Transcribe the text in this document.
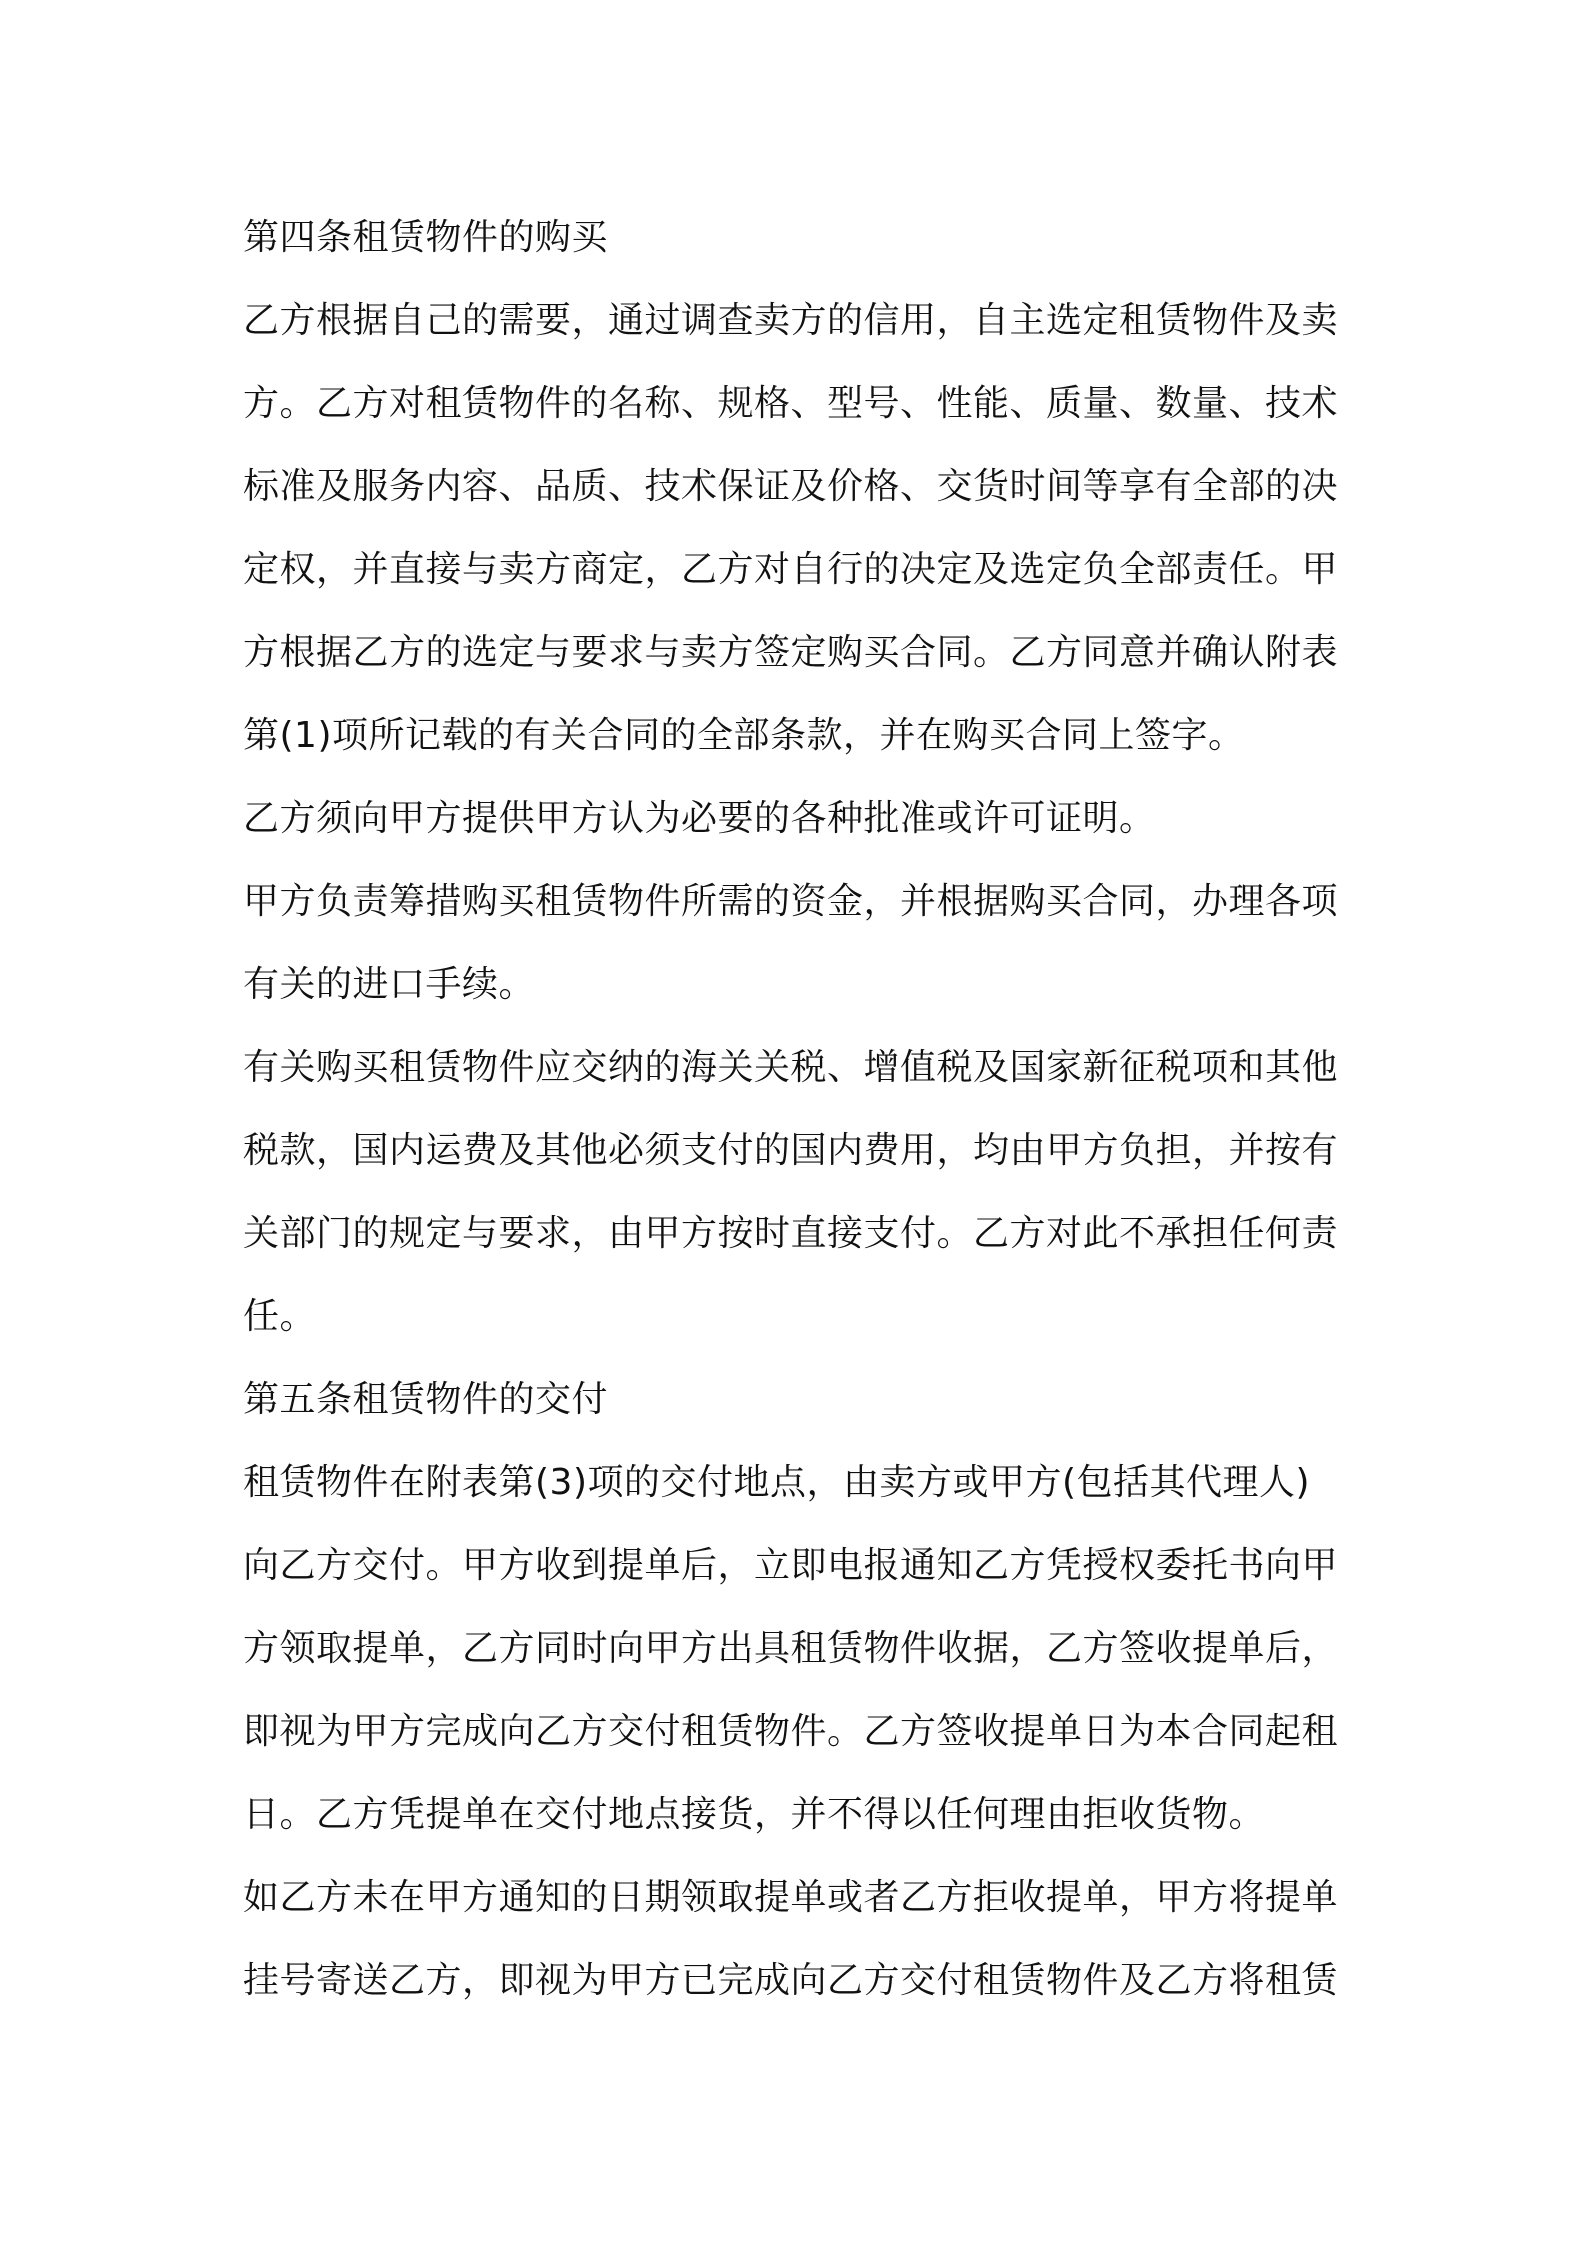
第四条租赁物件的购买
乙方根据自己的需要，通过调查卖方的信用，自主选定租赁物件及卖
方。乙方对租赁物件的名称、规格、型号、性能、质量、数量、技术
标准及服务内容、品质、技术保证及价格、交货时间等享有全部的决
定权，并直接与卖方商定，乙方对自行的决定及选定负全部责任。甲
方根据乙方的选定与要求与卖方签定购买合同。乙方同意并确认附表
第(1)项所记载的有关合同的全部条款，并在购买合同上签字。
乙方须向甲方提供甲方认为必要的各种批准或许可证明。
甲方负责筹措购买租赁物件所需的资金，并根据购买合同，办理各项
有关的进口手续。
有关购买租赁物件应交纳的海关关税、增值税及国家新征税项和其他
税款，国内运费及其他必须支付的国内费用，均由甲方负担，并按有
关部门的规定与要求，由甲方按时直接支付。乙方对此不承担任何责
任。
第五条租赁物件的交付
租赁物件在附表第(3)项的交付地点，由卖方或甲方(包括其代理人)
向乙方交付。甲方收到提单后，立即电报通知乙方凭授权委托书向甲
方领取提单，乙方同时向甲方出具租赁物件收据，乙方签收提单后，
即视为甲方完成向乙方交付租赁物件。乙方签收提单日为本合同起租
日。乙方凭提单在交付地点接货，并不得以任何理由拒收货物。
如乙方未在甲方通知的日期领取提单或者乙方拒收提单，甲方将提单
挂号寄送乙方，即视为甲方已完成向乙方交付租赁物件及乙方将租赁
